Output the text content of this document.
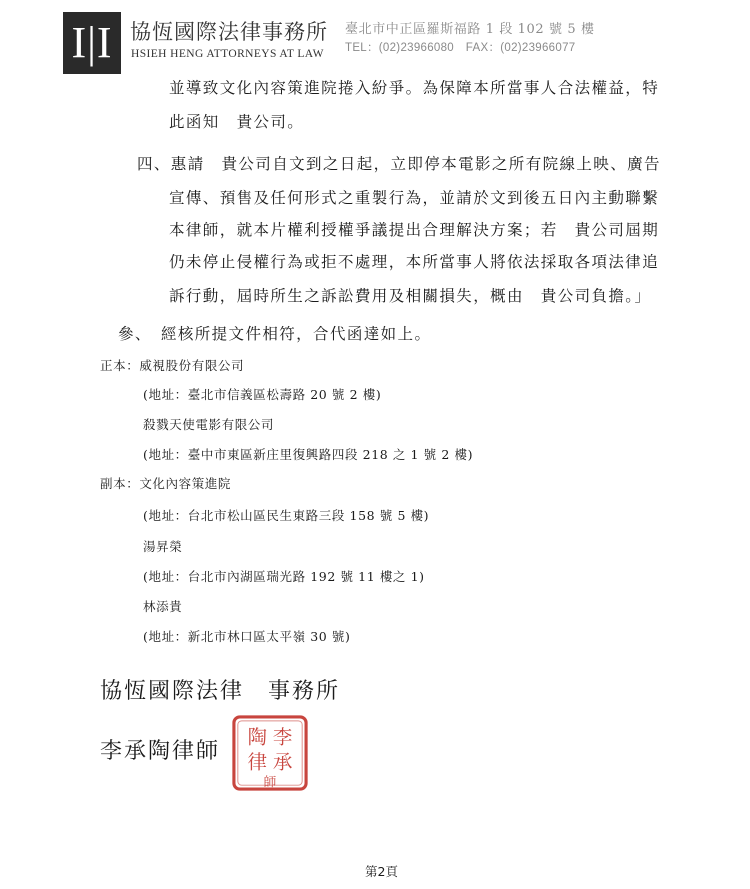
I|I 協恆國際法律事務所
HSIEH HENG ATTORNEYS AT LAW
臺北市中正區羅斯福路 1 段 102 號 5 樓
TEL：(02)23966080　FAX：(02)23966077
並導致文化內容策進院捲入紛爭。為保障本所當事人合法權益，特
此函知　貴公司。
四、惠請　貴公司自文到之日起，立即停本電影之所有院線上映、廣告
宣傳、預售及任何形式之重製行為，並請於文到後五日內主動聯繫
本律師，就本片權利授權爭議提出合理解決方案；若　貴公司屆期
仍未停止侵權行為或拒不處理，本所當事人將依法採取各項法律追
訴行動，屆時所生之訴訟費用及相關損失，概由　貴公司負擔。」
參、　經核所提文件相符，合代函達如上。
正本：威視股份有限公司
(地址：臺北市信義區松壽路 20 號 2 樓)
殺戮天使電影有限公司
(地址：臺中市東區新庄里復興路四段 218 之 1 號 2 樓)
副本：文化內容策進院
(地址：台北市松山區民生東路三段 158 號 5 樓)
湯昇榮
(地址：台北市內湖區瑞光路 192 號 11 樓之 1)
林添貴
(地址：新北市林口區太平嶺 30 號)
協恆國際法律　事務所
李承陶律師
李
承
陶
律
師
第2頁
